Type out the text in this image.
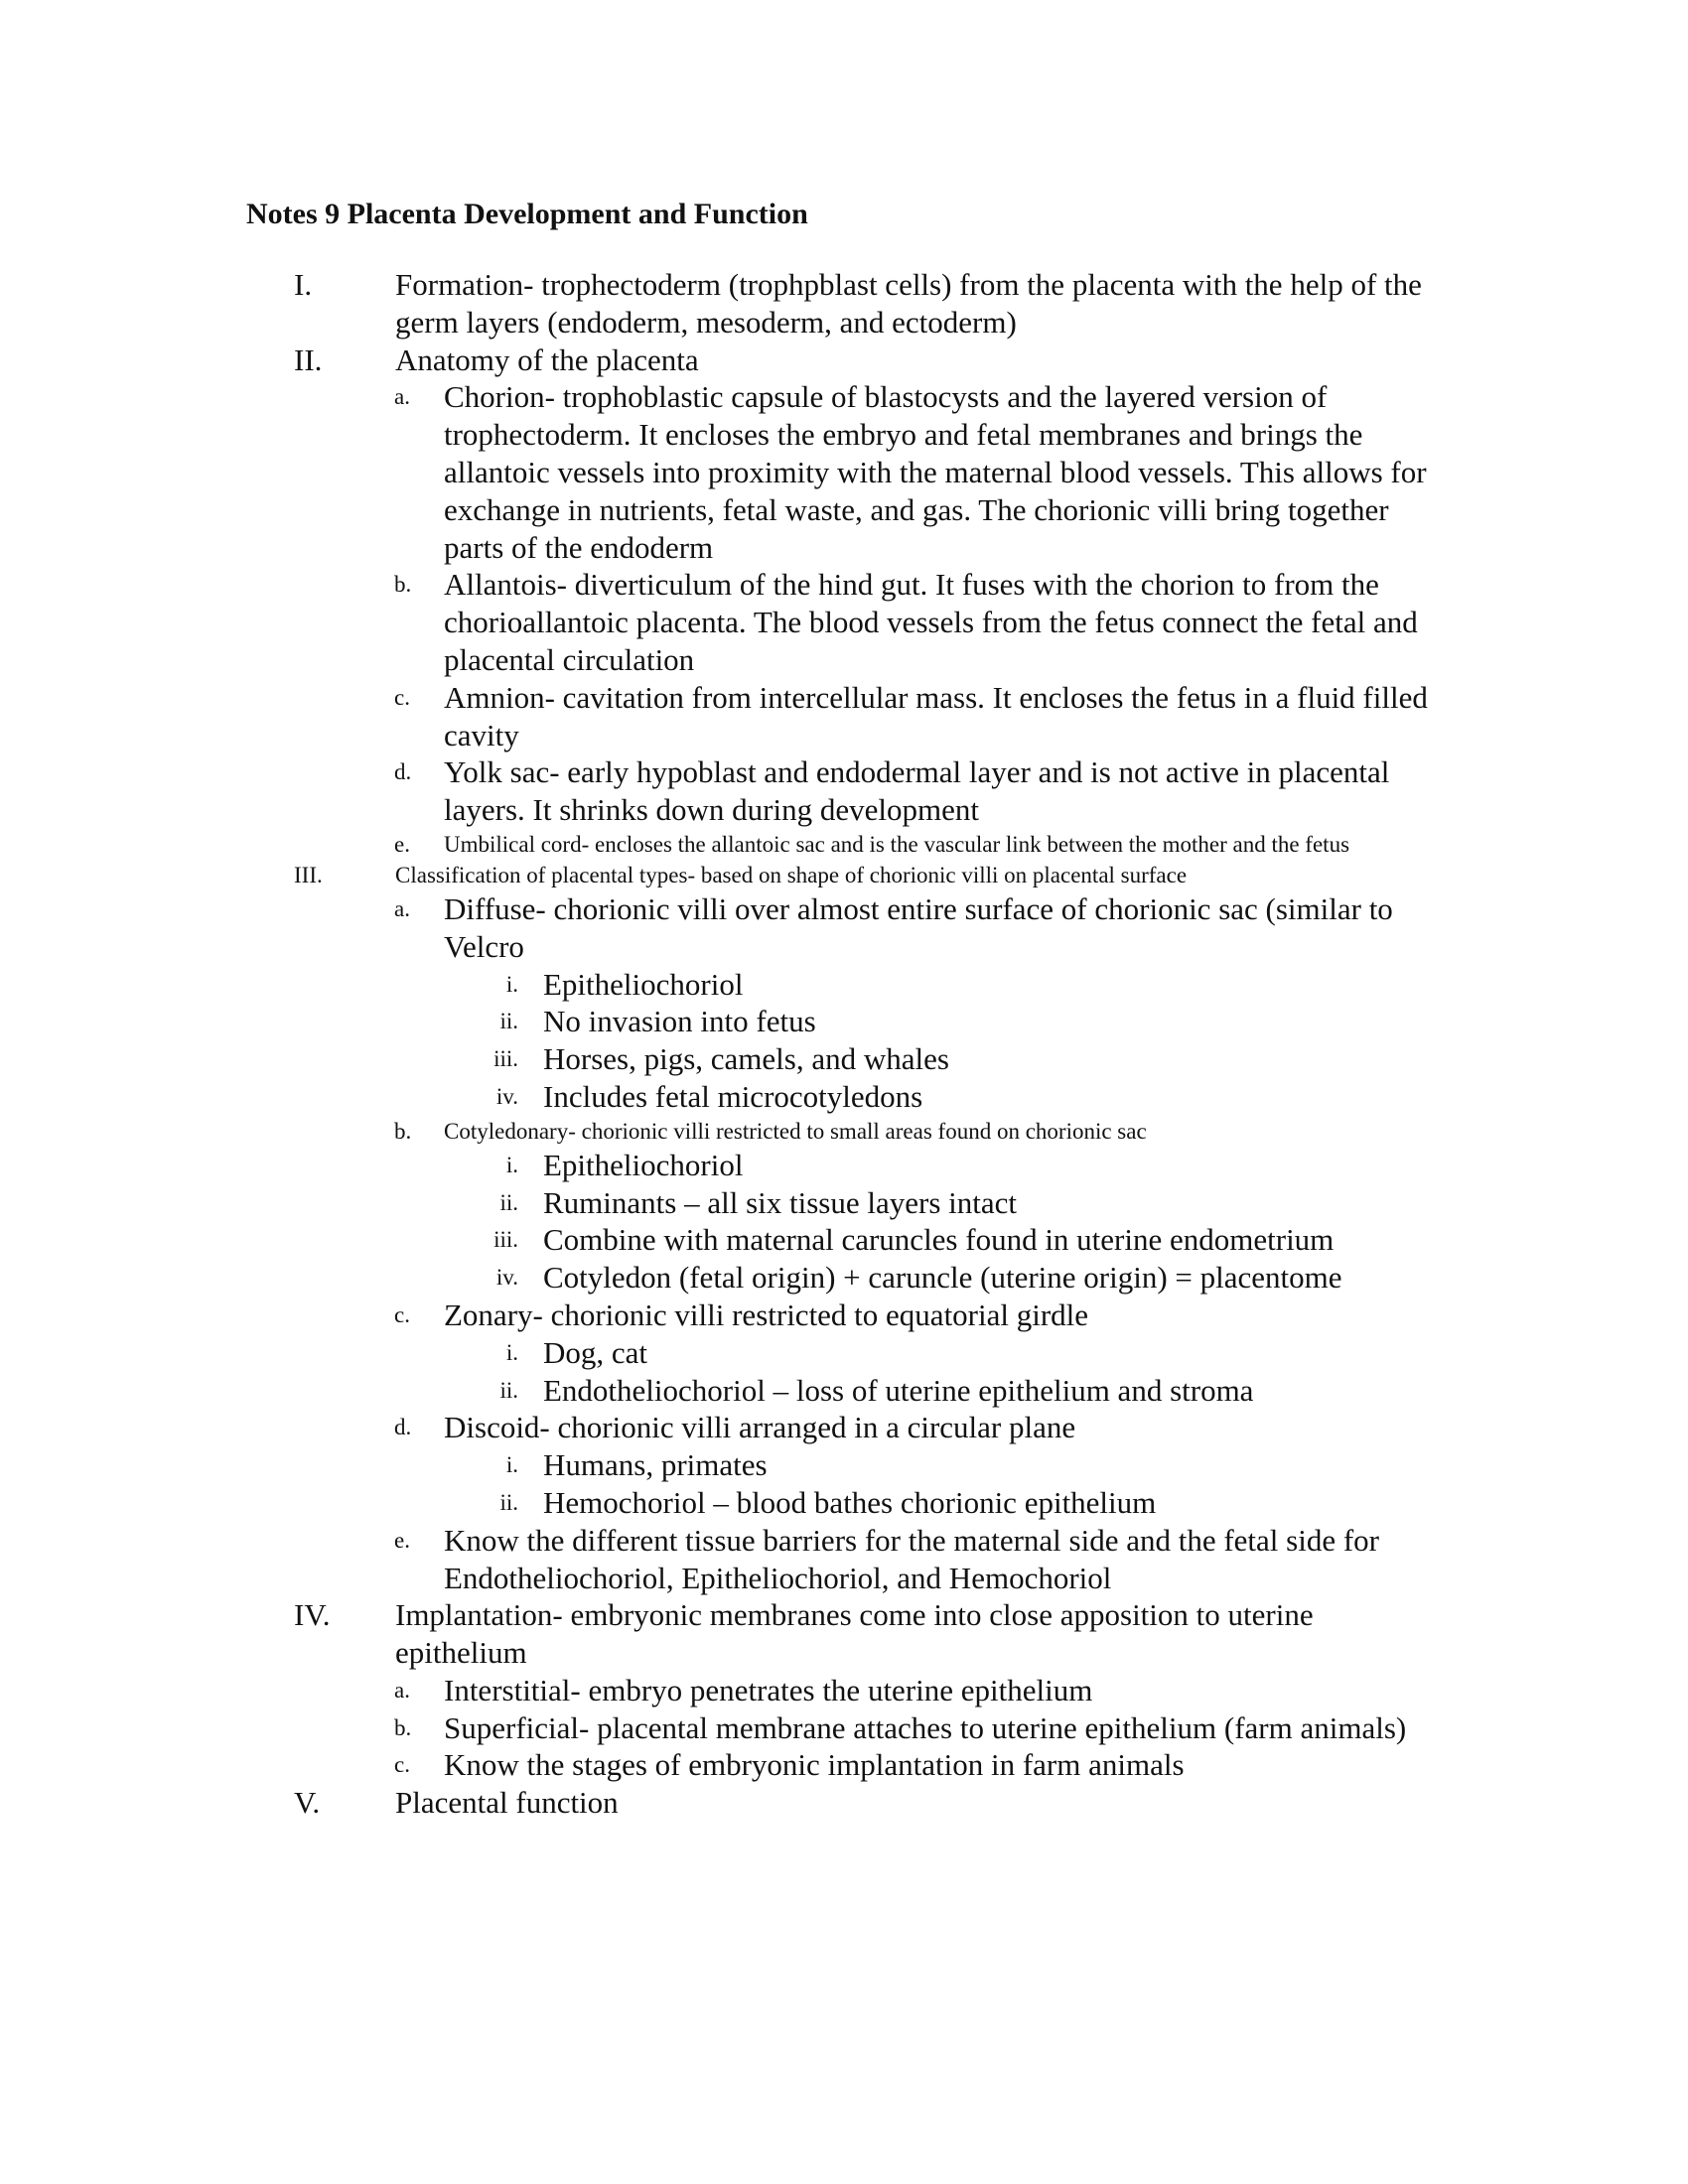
Notes 9 Placenta Development and Function
I.	Formation- trophectoderm (trophpblast cells) from the placenta with the help of the germ layers (endoderm, mesoderm, and ectoderm)
II. Anatomy of the placenta
a. Chorion- trophoblastic capsule of blastocysts and the layered version of trophectoderm. It encloses the embryo and fetal membranes and brings the allantoic vessels into proximity with the maternal blood vessels. This allows for exchange in nutrients, fetal waste, and gas. The chorionic villi bring together parts of the endoderm
b. Allantois- diverticulum of the hind gut. It fuses with the chorion to from the chorioallantoic placenta. The blood vessels from the fetus connect the fetal and placental circulation
c. Amnion- cavitation from intercellular mass. It encloses the fetus in a fluid filled cavity
d. Yolk sac- early hypoblast and endodermal layer and is not active in placental layers. It shrinks down during development
e. Umbilical cord- encloses the allantoic sac and is the vascular link between the mother and the fetus
III.	Classification of placental types- based on shape of chorionic villi on placental surface
a. Diffuse- chorionic villi over almost entire surface of chorionic sac (similar to Velcro
i. Epitheliochoriol
ii. No invasion into fetus
iii. Horses, pigs, camels, and whales
iv. Includes fetal microcotyledons
b. Cotyledonary- chorionic villi restricted to small areas found on chorionic sac
i. Epitheliochoriol
ii. Ruminants – all six tissue layers intact
iii. Combine with maternal caruncles found in uterine endometrium
iv. Cotyledon (fetal origin) + caruncle (uterine origin) = placentome
c. Zonary- chorionic villi restricted to equatorial girdle
i. Dog, cat
ii. Endotheliochoriol – loss of uterine epithelium and stroma
d. Discoid- chorionic villi arranged in a circular plane
i. Humans, primates
ii. Hemochoriol – blood bathes chorionic epithelium
e. Know the different tissue barriers for the maternal side and the fetal side for Endotheliochoriol, Epitheliochoriol, and Hemochoriol
IV. Implantation- embryonic membranes come into close apposition to uterine epithelium
a. Interstitial- embryo penetrates the uterine epithelium
b. Superficial- placental membrane attaches to uterine epithelium (farm animals)
c. Know the stages of embryonic implantation in farm animals
V. Placental function
